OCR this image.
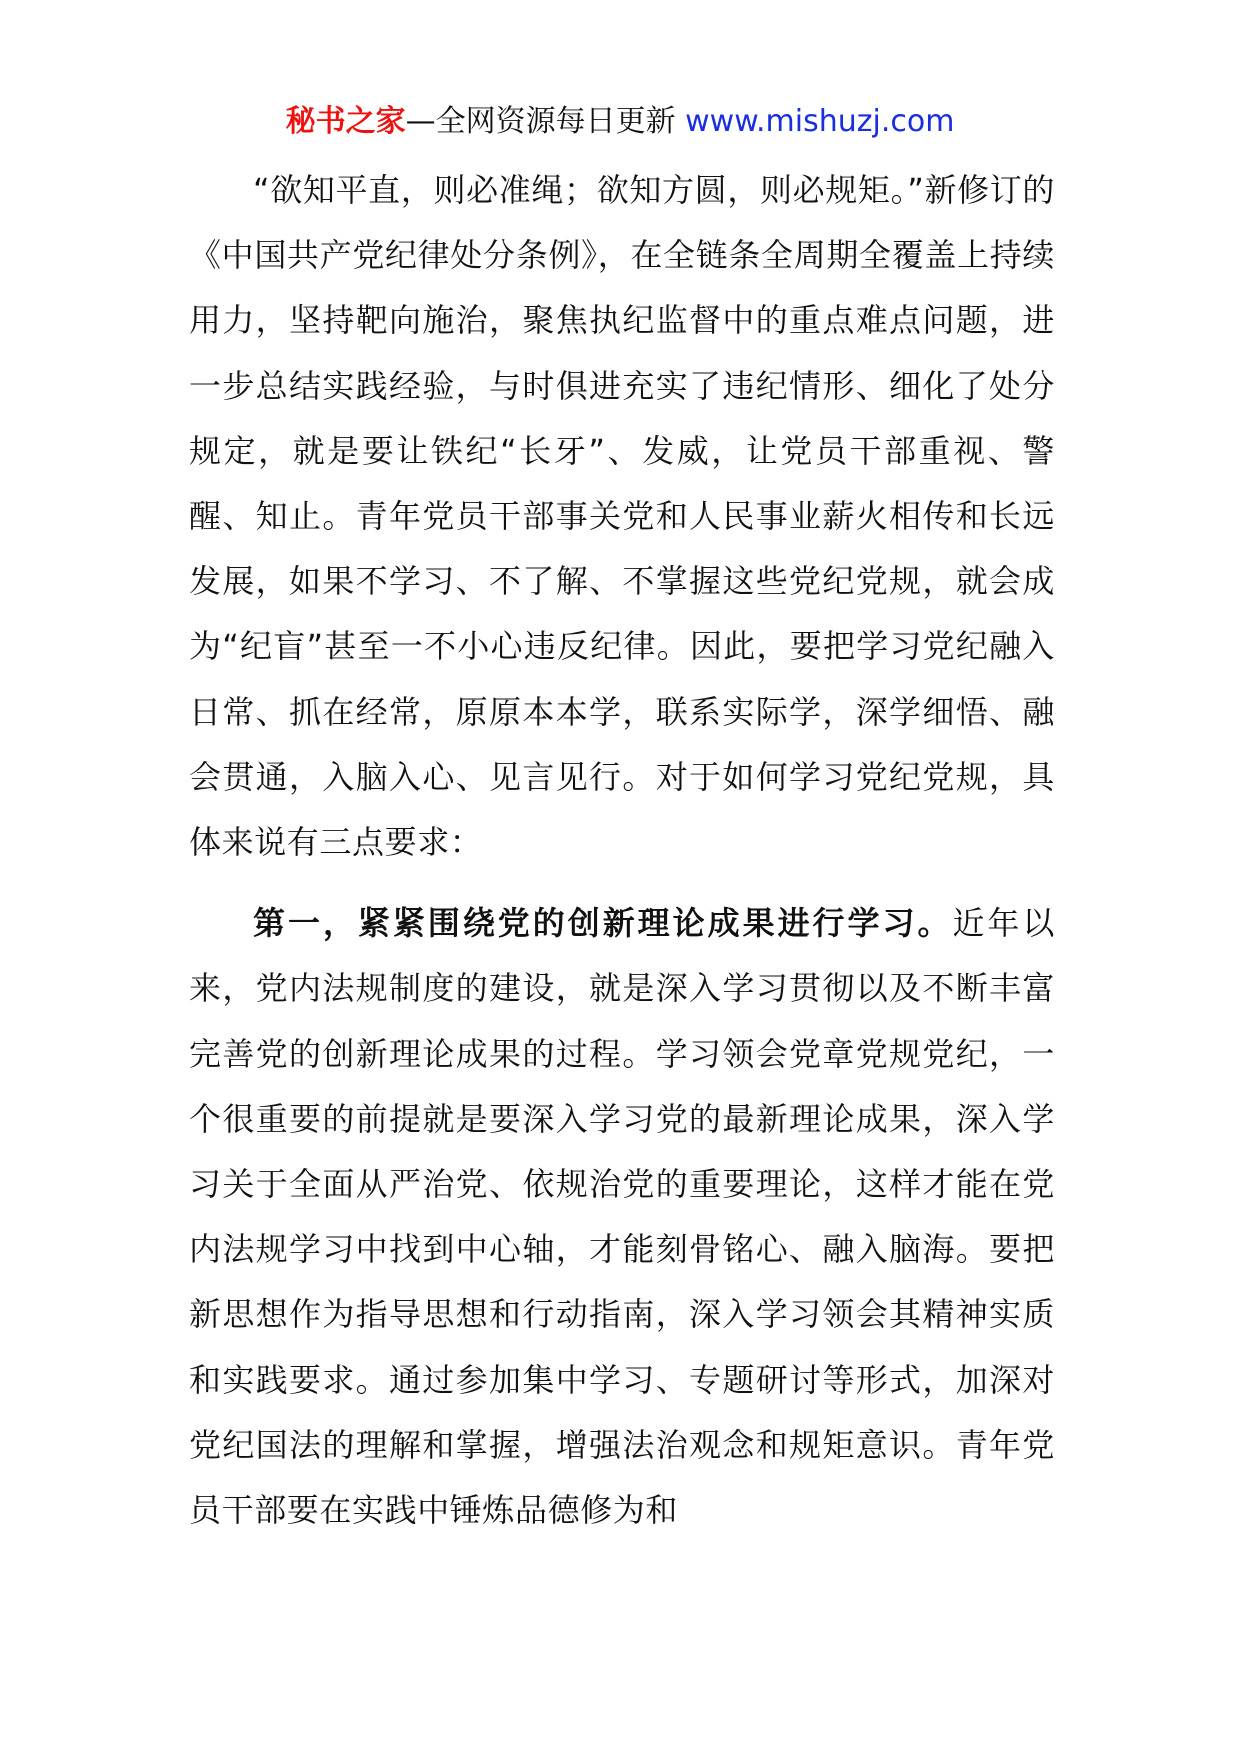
秘书之家—全网资源每日更新 www.mishuzj.com

“欲知平直，则必准绳；欲知方圆，则必规矩。”新修订的《中国共产党纪律处分条例》，在全链条全周期全覆盖上持续用力，坚持靶向施治，聚焦执纪监督中的重点难点问题，进一步总结实践经验，与时俱进充实了违纪情形、细化了处分规定，就是要让铁纪“长牙”、发威，让党员干部重视、警醒、知止。青年党员干部事关党和人民事业薪火相传和长远发展，如果不学习、不了解、不掌握这些党纪党规，就会成为“纪盲”甚至一不小心违反纪律。因此，要把学习党纪融入日常、抓在经常，原原本本学，联系实际学，深学细悟、融会贯通，入脑入心、见言见行。对于如何学习党纪党规，具体来说有三点要求：

第一，紧紧围绕党的创新理论成果进行学习。近年以来，党内法规制度的建设，就是深入学习贯彻以及不断丰富完善党的创新理论成果的过程。学习领会党章党规党纪，一个很重要的前提就是要深入学习党的最新理论成果，深入学习关于全面从严治党、依规治党的重要理论，这样才能在党内法规学习中找到中心轴，才能刻骨铭心、融入脑海。要把新思想作为指导思想和行动指南，深入学习领会其精神实质和实践要求。通过参加集中学习、专题研讨等形式，加深对党纪国法的理解和掌握，增强法治观念和规矩意识。青年党员干部要在实践中锤炼品德修为和
